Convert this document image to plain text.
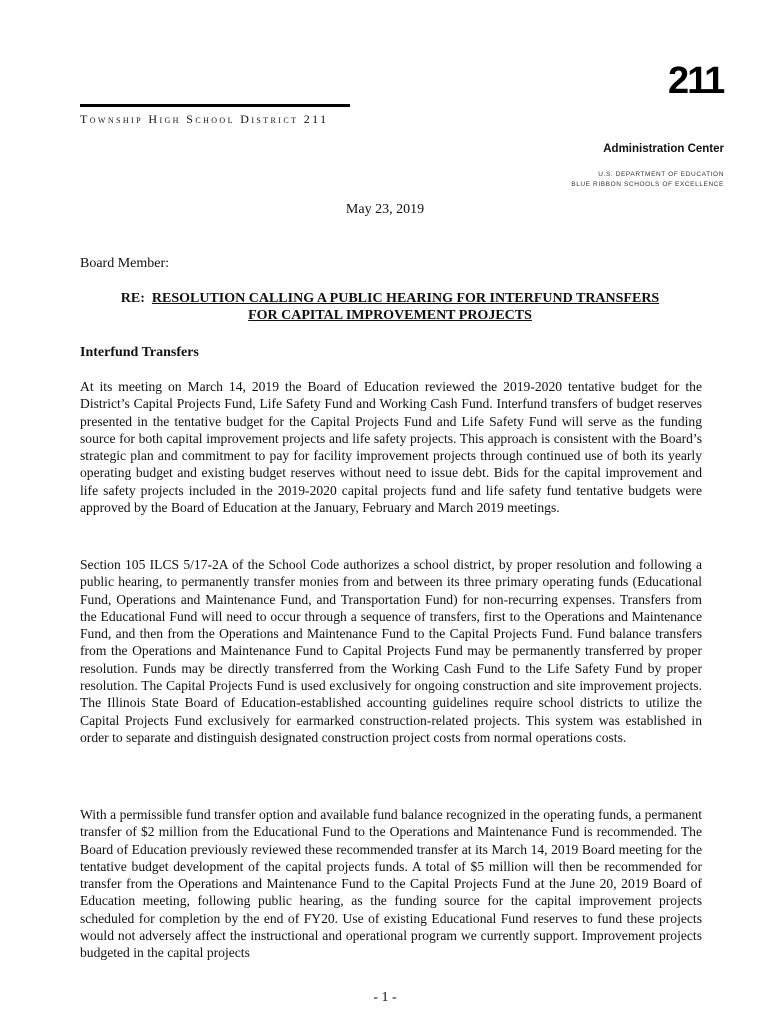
211
Township High School District 211
Administration Center
U.S. DEPARTMENT OF EDUCATION
BLUE RIBBON SCHOOLS OF EXCELLENCE
May 23, 2019
Board Member:
RE: RESOLUTION CALLING A PUBLIC HEARING FOR INTERFUND TRANSFERS
FOR CAPITAL IMPROVEMENT PROJECTS
Interfund Transfers

At its meeting on March 14, 2019 the Board of Education reviewed the 2019-2020 tentative budget for the District’s Capital Projects Fund, Life Safety Fund and Working Cash Fund. Interfund transfers of budget reserves presented in the tentative budget for the Capital Projects Fund and Life Safety Fund will serve as the funding source for both capital improvement projects and life safety projects. This approach is consistent with the Board’s strategic plan and commitment to pay for facility improvement projects through continued use of both its yearly operating budget and existing budget reserves without need to issue debt. Bids for the capital improvement and life safety projects included in the 2019-2020 capital projects fund and life safety fund tentative budgets were approved by the Board of Education at the January, February and March 2019 meetings.

Section 105 ILCS 5/17-2A of the School Code authorizes a school district, by proper resolution and following a public hearing, to permanently transfer monies from and between its three primary operating funds (Educational Fund, Operations and Maintenance Fund, and Transportation Fund) for non-recurring expenses. Transfers from the Educational Fund will need to occur through a sequence of transfers, first to the Operations and Maintenance Fund, and then from the Operations and Maintenance Fund to the Capital Projects Fund. Fund balance transfers from the Operations and Maintenance Fund to Capital Projects Fund may be permanently transferred by proper resolution. Funds may be directly transferred from the Working Cash Fund to the Life Safety Fund by proper resolution. The Capital Projects Fund is used exclusively for ongoing construction and site improvement projects. The Illinois State Board of Education-established accounting guidelines require school districts to utilize the Capital Projects Fund exclusively for earmarked construction-related projects. This system was established in order to separate and distinguish designated construction project costs from normal operations costs.

With a permissible fund transfer option and available fund balance recognized in the operating funds, a permanent transfer of $2 million from the Educational Fund to the Operations and Maintenance Fund is recommended. The Board of Education previously reviewed these recommended transfer at its March 14, 2019 Board meeting for the tentative budget development of the capital projects funds. A total of $5 million will then be recommended for transfer from the Operations and Maintenance Fund to the Capital Projects Fund at the June 20, 2019 Board of Education meeting, following public hearing, as the funding source for the capital improvement projects scheduled for completion by the end of FY20. Use of existing Educational Fund reserves to fund these projects would not adversely affect the instructional and operational program we currently support. Improvement projects budgeted in the capital projects

- 1 -
